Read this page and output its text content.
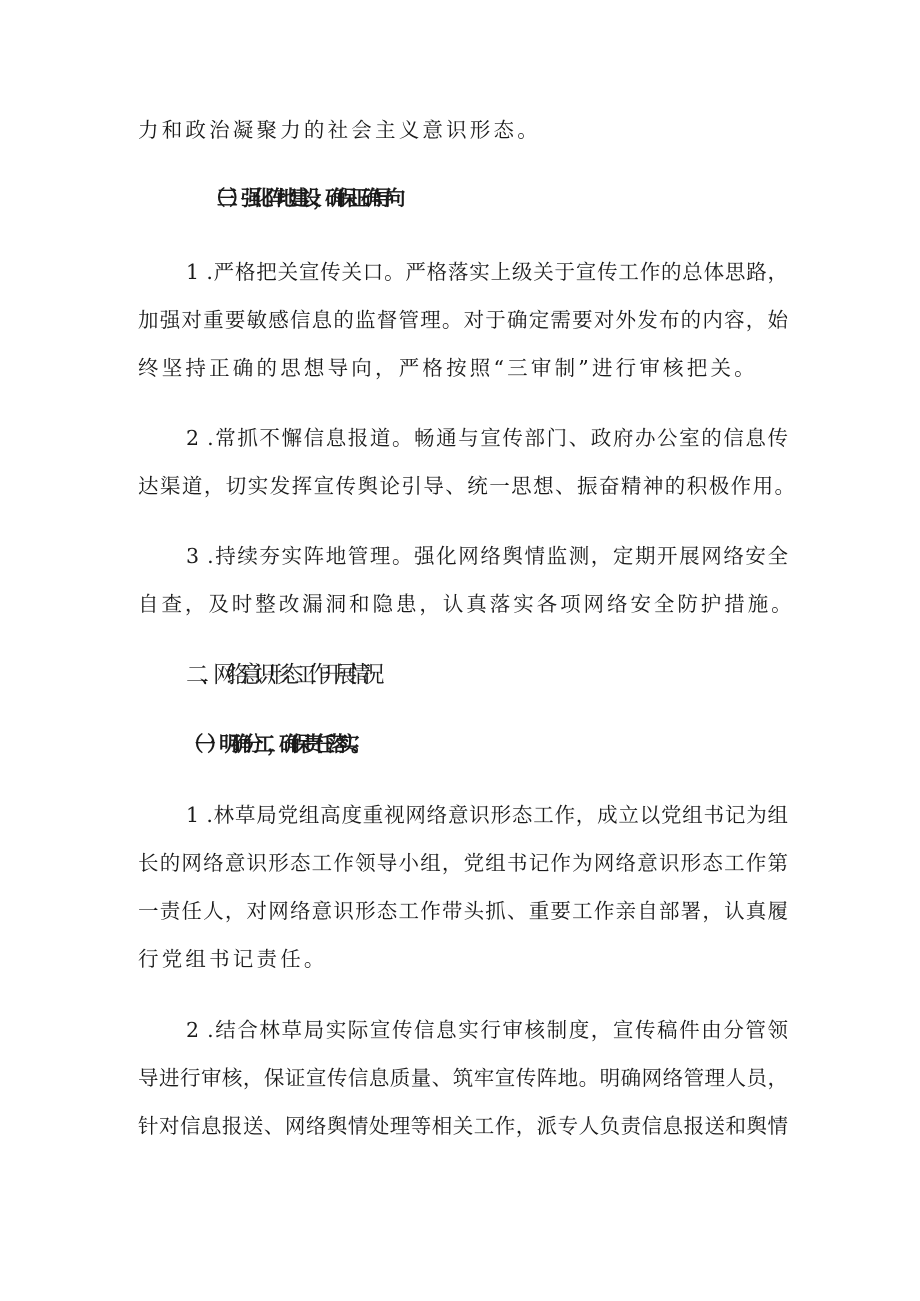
力和政治凝聚力的社会主义意识形态。
（三）强化阵地建设，确保正确导向
1 .严格把关宣传关口。严格落实上级关于宣传工作的总体思路，
加强对重要敏感信息的监督管理。对于确定需要对外发布的内容，始
终坚持正确的思想导向，严格按照“三审制”进行审核把关。
2 .常抓不懈信息报道。畅通与宣传部门、政府办公室的信息传
达渠道，切实发挥宣传舆论引导、统一思想、振奋精神的积极作用。
3 .持续夯实阵地管理。强化网络舆情监测，定期开展网络安全
自查，及时整改漏洞和隐患，认真落实各项网络安全防护措施。
二、网络意识形态工作开展情况
（一）明确分工，确保责任落实。
1 .林草局党组高度重视网络意识形态工作，成立以党组书记为组
长的网络意识形态工作领导小组，党组书记作为网络意识形态工作第
一责任人，对网络意识形态工作带头抓、重要工作亲自部署，认真履
行党组书记责任。
2 .结合林草局实际宣传信息实行审核制度，宣传稿件由分管领
导进行审核，保证宣传信息质量、筑牢宣传阵地。明确网络管理人员，
针对信息报送、网络舆情处理等相关工作，派专人负责信息报送和舆情
